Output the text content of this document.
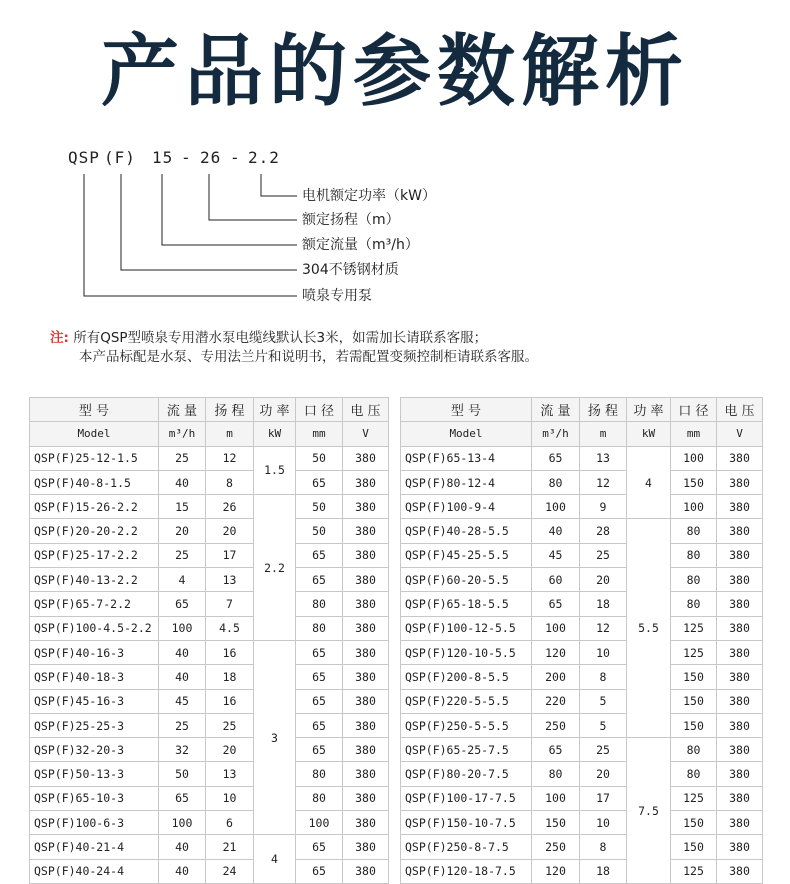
产品的参数解析
QSP (F) 15 - 26 - 2.2
电机额定功率（kW）
额定扬程（m）
额定流量（m³/h）
304不锈钢材质
喷泉专用泵
注: 所有QSP型喷泉专用潜水泵电缆线默认长3米，如需加长请联系客服；
本产品标配是水泵、专用法兰片和说明书，若需配置变频控制柜请联系客服。
型 号	流 量	扬 程	功 率	口 径	电 压
Model	m³/h	m	kW	mm	V
QSP(F)25-12-1.5	25	12	1.5	50	380
QSP(F)40-8-1.5	40	8		65	380
QSP(F)15-26-2.2	15	26	2.2	50	380
QSP(F)20-20-2.2	20	20		50	380
QSP(F)25-17-2.2	25	17		65	380
QSP(F)40-13-2.2	4	13		65	380
QSP(F)65-7-2.2	65	7		80	380
QSP(F)100-4.5-2.2	100	4.5		80	380
QSP(F)40-16-3	40	16	3	65	380
QSP(F)40-18-3	40	18		65	380
QSP(F)45-16-3	45	16		65	380
QSP(F)25-25-3	25	25		65	380
QSP(F)32-20-3	32	20		65	380
QSP(F)50-13-3	50	13		80	380
QSP(F)65-10-3	65	10		80	380
QSP(F)100-6-3	100	6		100	380
QSP(F)40-21-4	40	21	4	65	380
QSP(F)40-24-4	40	24		65	380
型 号	流 量	扬 程	功 率	口 径	电 压
Model	m³/h	m	kW	mm	V
QSP(F)65-13-4	65	13	4	100	380
QSP(F)80-12-4	80	12		150	380
QSP(F)100-9-4	100	9		100	380
QSP(F)40-28-5.5	40	28	5.5	80	380
QSP(F)45-25-5.5	45	25		80	380
QSP(F)60-20-5.5	60	20		80	380
QSP(F)65-18-5.5	65	18		80	380
QSP(F)100-12-5.5	100	12		125	380
QSP(F)120-10-5.5	120	10		125	380
QSP(F)200-8-5.5	200	8		150	380
QSP(F)220-5-5.5	220	5		150	380
QSP(F)250-5-5.5	250	5		150	380
QSP(F)65-25-7.5	65	25	7.5	80	380
QSP(F)80-20-7.5	80	20		80	380
QSP(F)100-17-7.5	100	17		125	380
QSP(F)150-10-7.5	150	10		150	380
QSP(F)250-8-7.5	250	8		150	380
QSP(F)120-18-7.5	120	18		125	380
